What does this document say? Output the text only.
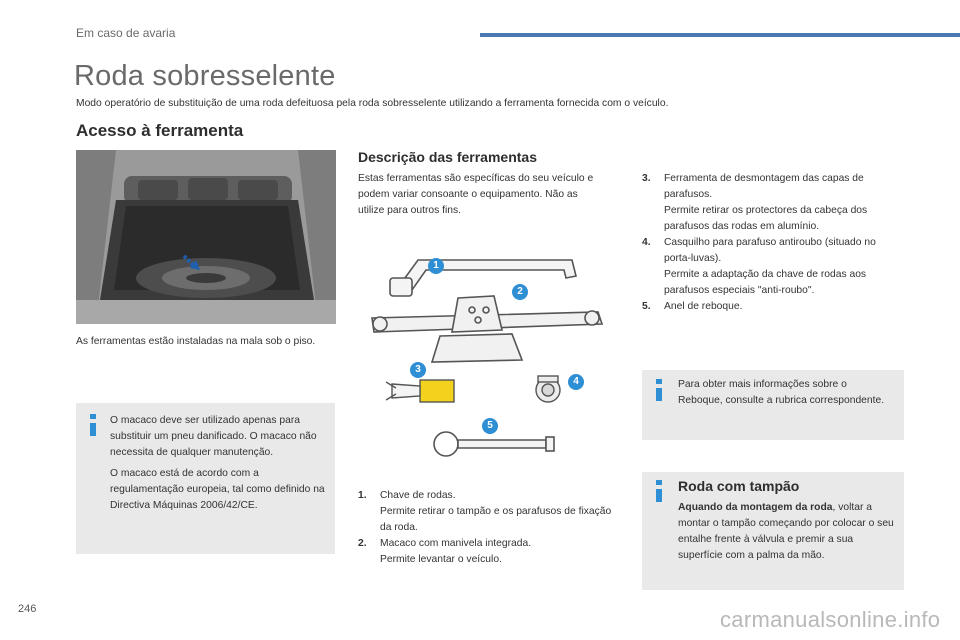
Em caso de avaria
Roda sobresselente
Modo operatório de substituição de uma roda defeituosa pela roda sobresselente utilizando a ferramenta fornecida com o veículo.
Acesso à ferramenta
As ferramentas estão instaladas na mala sob o piso.

O macaco deve ser utilizado apenas para substituir um pneu danificado. O macaco não necessita de qualquer manutenção.

O macaco está de acordo com a regulamentação europeia, tal como definido na Directiva Máquinas 2006/42/CE.

Descrição das ferramentas
Estas ferramentas são específicas do seu veículo e podem variar consoante o equipamento. Não as utilize para outros fins.
1
2
3
4
5
1.	Chave de rodas.
Permite retirar o tampão e os parafusos de fixação da roda.
2.	Macaco com manivela integrada.
Permite levantar o veículo.
3.	Ferramenta de desmontagem das capas de parafusos.
Permite retirar os protectores da cabeça dos parafusos das rodas em alumínio.
4.	Casquilho para parafuso antiroubo (situado no porta-luvas).
Permite a adaptação da chave de rodas aos parafusos especiais "anti-roubo".
5.	Anel de reboque.
Para obter mais informações sobre o Reboque, consulte a rubrica correspondente.
Roda com tampão
Aquando da montagem da roda, voltar a montar o tampão começando por colocar o seu entalhe frente à válvula e premir a sua superfície com a palma da mão.
246	carmanualsonline.info
